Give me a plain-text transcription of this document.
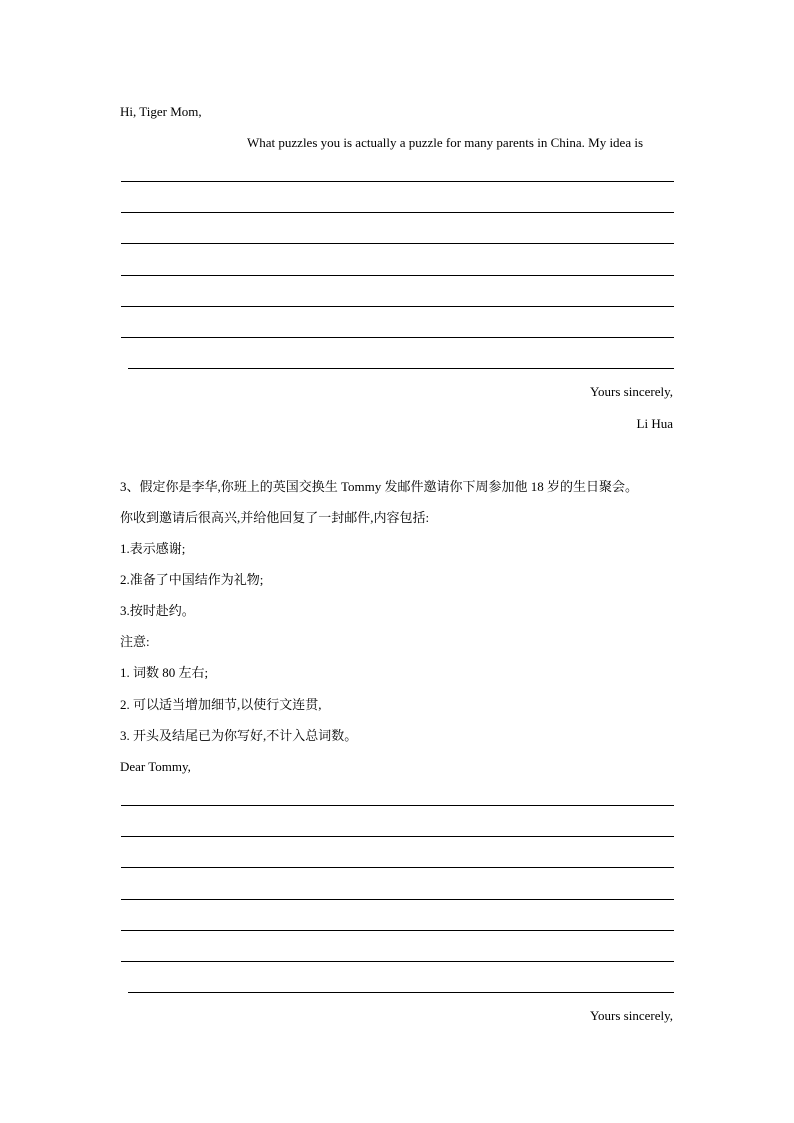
Hi, Tiger Mom,
What puzzles you is actually a puzzle for many parents in China. My idea is
Yours sincerely,
Li Hua
3、假定你是李华,你班上的英国交换生 Tommy 发邮件邀请你下周参加他 18 岁的生日聚会。
你收到邀请后很高兴,并给他回复了一封邮件,内容包括:
1.表示感谢;
2.准备了中国结作为礼物;
3.按时赴约。
注意:
1. 词数 80 左右;
2. 可以适当增加细节,以使行文连贯,
3. 开头及结尾已为你写好,不计入总词数。
Dear Tommy,
Yours sincerely,
